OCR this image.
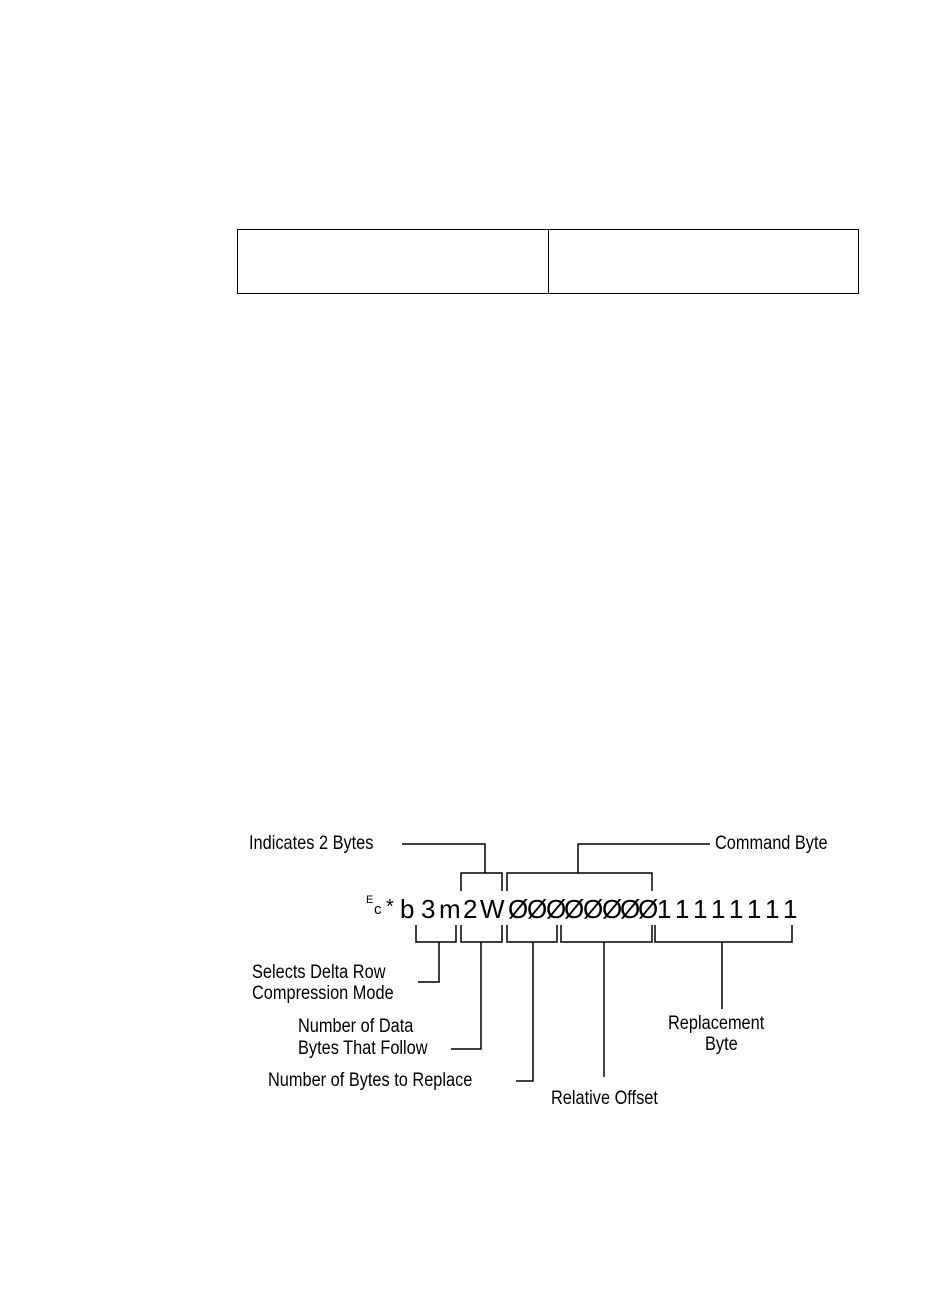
Indicates 2 Bytes	Command Byte
Selects Delta Row
Compression Mode
Number of Data
Bytes That Follow
Number of Bytes to Replace
Relative Offset
Replacement
Byte
E
c * b 3 m 2 W Ø
Ø
Ø
Ø
Ø
Ø
Ø
Ø
1 1 1 1 1 1 1 1
